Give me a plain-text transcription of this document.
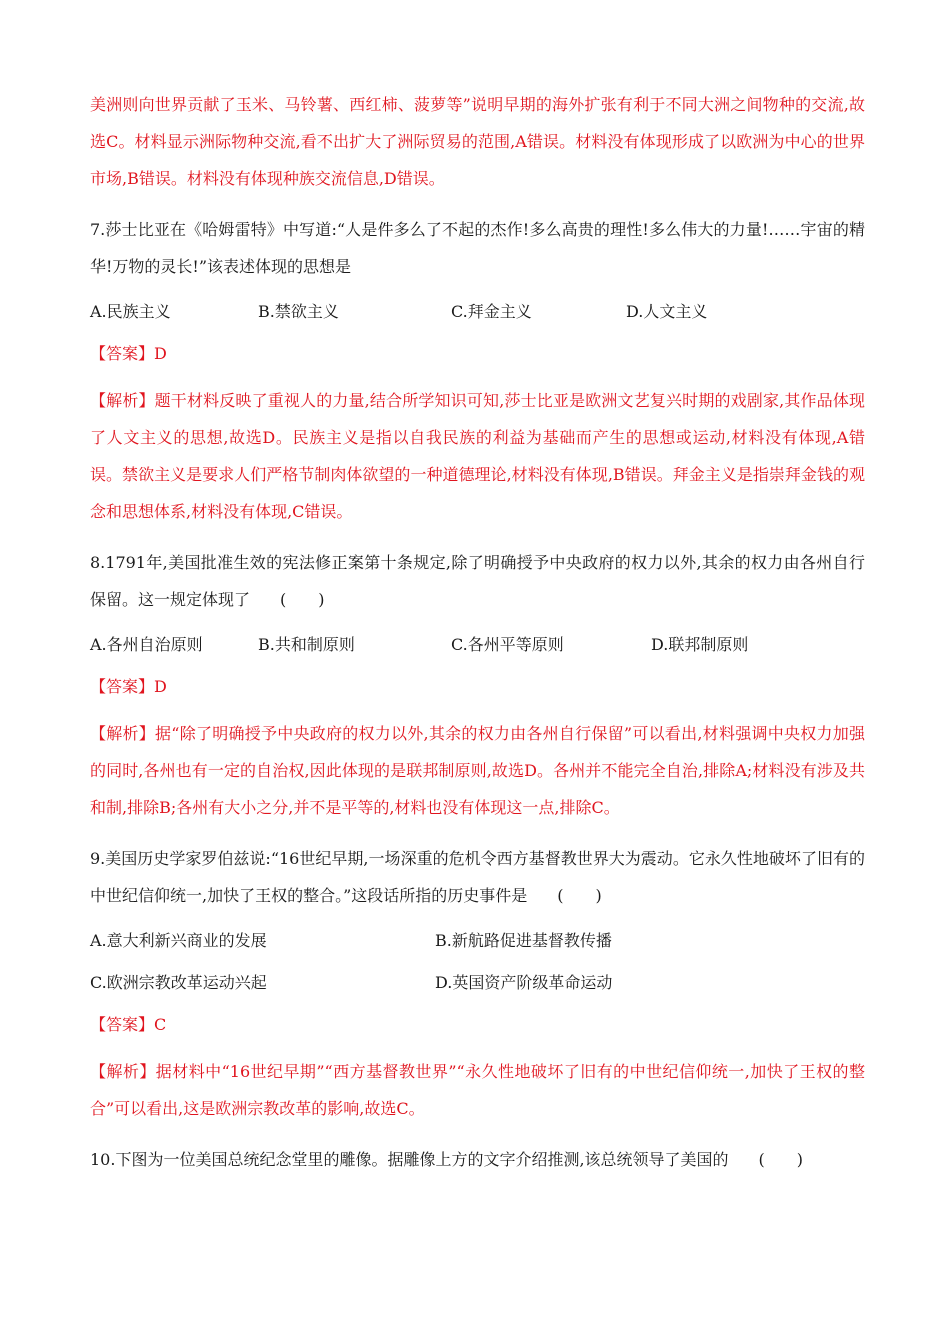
美洲则向世界贡献了玉米、马铃薯、西红柿、菠萝等”说明早期的海外扩张有利于不同大洲之间物种的交流,故选C。材料显示洲际物种交流,看不出扩大了洲际贸易的范围,A错误。材料没有体现形成了以欧洲为中心的世界市场,B错误。材料没有体现种族交流信息,D错误。

7.莎士比亚在《哈姆雷特》中写道:“人是件多么了不起的杰作!多么高贵的理性!多么伟大的力量!……宇宙的精华!万物的灵长!”该表述体现的思想是

A.民族主义	B.禁欲主义	C.拜金主义	D.人文主义
【答案】D

【解析】题干材料反映了重视人的力量,结合所学知识可知,莎士比亚是欧洲文艺复兴时期的戏剧家,其作品体现了人文主义的思想,故选D。民族主义是指以自我民族的利益为基础而产生的思想或运动,材料没有体现,A错误。禁欲主义是要求人们严格节制肉体欲望的一种道德理论,材料没有体现,B错误。拜金主义是指崇拜金钱的观念和思想体系,材料没有体现,C错误。

8.1791年,美国批准生效的宪法修正案第十条规定,除了明确授予中央政府的权力以外,其余的权力由各州自行保留。这一规定体现了 (　　)

A.各州自治原则	B.共和制原则	C.各州平等原则	D.联邦制原则
【答案】D

【解析】据“除了明确授予中央政府的权力以外,其余的权力由各州自行保留”可以看出,材料强调中央权力加强的同时,各州也有一定的自治权,因此体现的是联邦制原则,故选D。各州并不能完全自治,排除A;材料没有涉及共和制,排除B;各州有大小之分,并不是平等的,材料也没有体现这一点,排除C。

9.美国历史学家罗伯兹说:“16世纪早期,一场深重的危机令西方基督教世界大为震动。它永久性地破坏了旧有的中世纪信仰统一,加快了王权的整合。”这段话所指的历史事件是 (　　)

A.意大利新兴商业的发展	B.新航路促进基督教传播
C.欧洲宗教改革运动兴起	D.英国资产阶级革命运动
【答案】C

【解析】据材料中“16世纪早期”“西方基督教世界”“永久性地破坏了旧有的中世纪信仰统一,加快了王权的整合”可以看出,这是欧洲宗教改革的影响,故选C。

10.下图为一位美国总统纪念堂里的雕像。据雕像上方的文字介绍推测,该总统领导了美国的 (　　)
